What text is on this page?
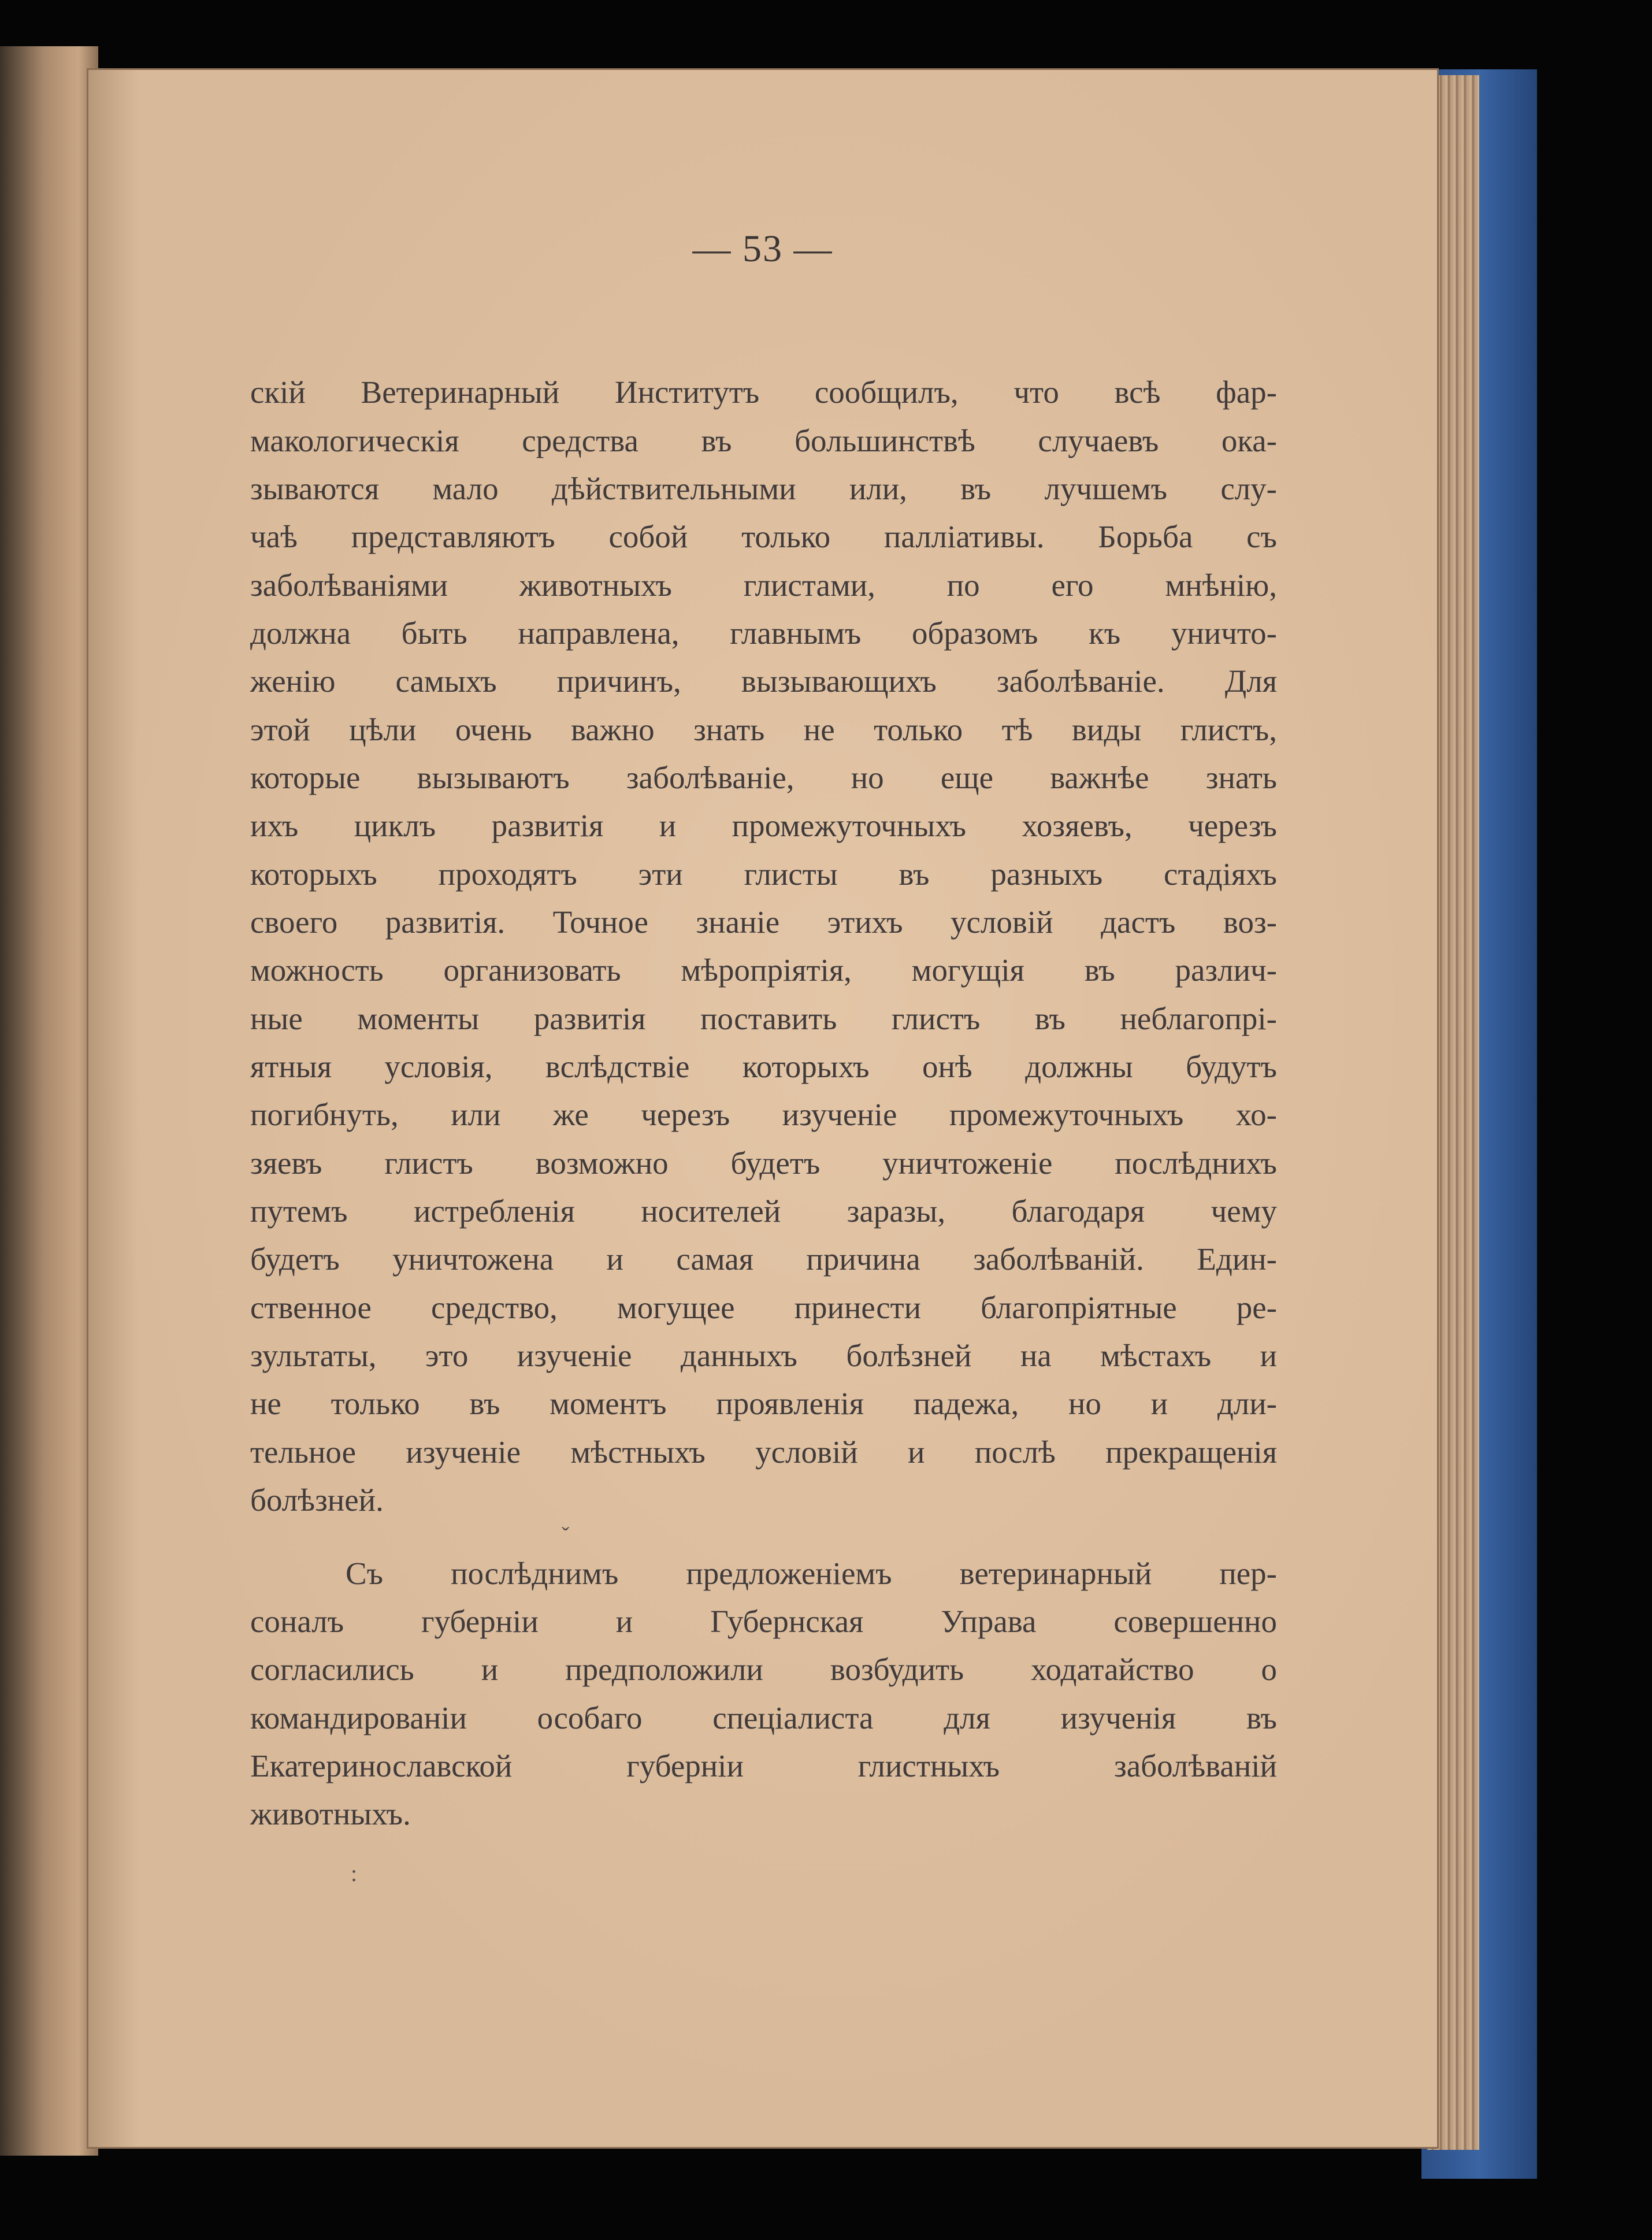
— 53 —
скій Ветеринарный Институтъ сообщилъ, что всѣ фар-
макологическія средства въ большинствѣ случаевъ ока-
зываются мало дѣйствительными или, въ лучшемъ слу-
чаѣ представляютъ собой только палліативы. Борьба съ
заболѣваніями животныхъ глистами, по его мнѣнію,
должна быть направлена, главнымъ образомъ къ уничто-
женію самыхъ причинъ, вызывающихъ заболѣваніе. Для
этой цѣли очень важно знать не только тѣ виды глистъ,
которые вызываютъ заболѣваніе, но еще важнѣе знать
ихъ циклъ развитія и промежуточныхъ хозяевъ, черезъ
которыхъ проходятъ эти глисты въ разныхъ стадіяхъ
своего развитія. Точное знаніе этихъ условій дастъ воз-
можность организовать мѣропріятія, могущія въ различ-
ные моменты развитія поставить глистъ въ неблагопрі-
ятныя условія, вслѣдствіе которыхъ онѣ должны будутъ
погибнуть, или же черезъ изученіе промежуточныхъ хо-
зяевъ глистъ возможно будетъ уничтоженіе послѣднихъ
путемъ истребленія носителей заразы, благодаря чему
будетъ уничтожена и самая причина заболѣваній. Един-
ственное средство, могущее принести благопріятные ре-
зультаты, это изученіе данныхъ болѣзней на мѣстахъ и
не только въ моментъ проявленія падежа, но и дли-
тельное изученіе мѣстныхъ условій и послѣ прекращенія
болѣзней.
ˇ
Съ послѣднимъ предложеніемъ ветеринарный пер-
соналъ губерніи и Губернская Управа совершенно
согласились и предположили возбудить ходатайство о
командированіи особаго спеціалиста для изученія въ
Екатеринославской губерніи глистныхъ заболѣваній
животныхъ.
:
